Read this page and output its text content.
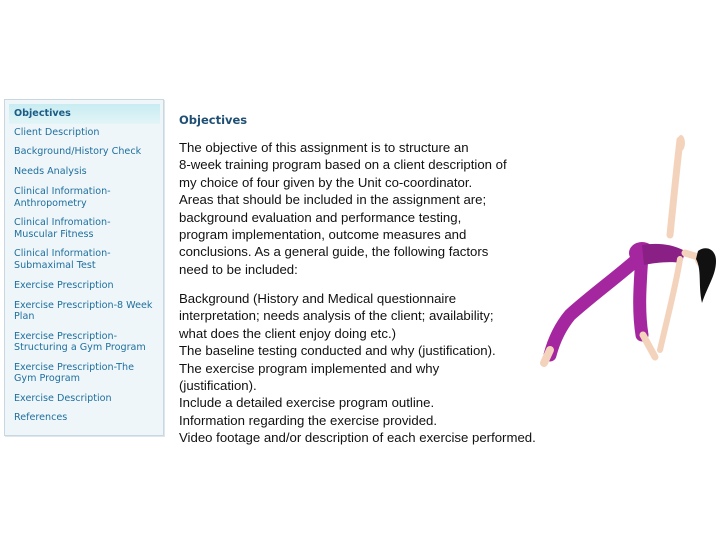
Objectives
Client Description
Background/History Check
Needs Analysis
Clinical Information-
Anthropometry
Clinical Infromation-
Muscular Fitness
Clinical Information-
Submaximal Test
Exercise Prescription
Exercise Prescription-8 Week
Plan
Exercise Prescription-
Structuring a Gym Program
Exercise Prescription-The
Gym Program
Exercise Description
References
Objectives
The objective of this assignment is to structure an
8-week training program based on a client description of
my choice of four given by the Unit co-coordinator.
Areas that should be included in the assignment are;
background evaluation and performance testing,
program implementation, outcome measures and
conclusions. As a general guide, the following factors
need to be included:
Background (History and Medical questionnaire
interpretation; needs analysis of the client; availability;
what does the client enjoy doing etc.)
The baseline testing conducted and why (justification).
The exercise program implemented and why
(justification).
Include a detailed exercise program outline.
Information regarding the exercise provided.
Video footage and/or description of each exercise performed.
